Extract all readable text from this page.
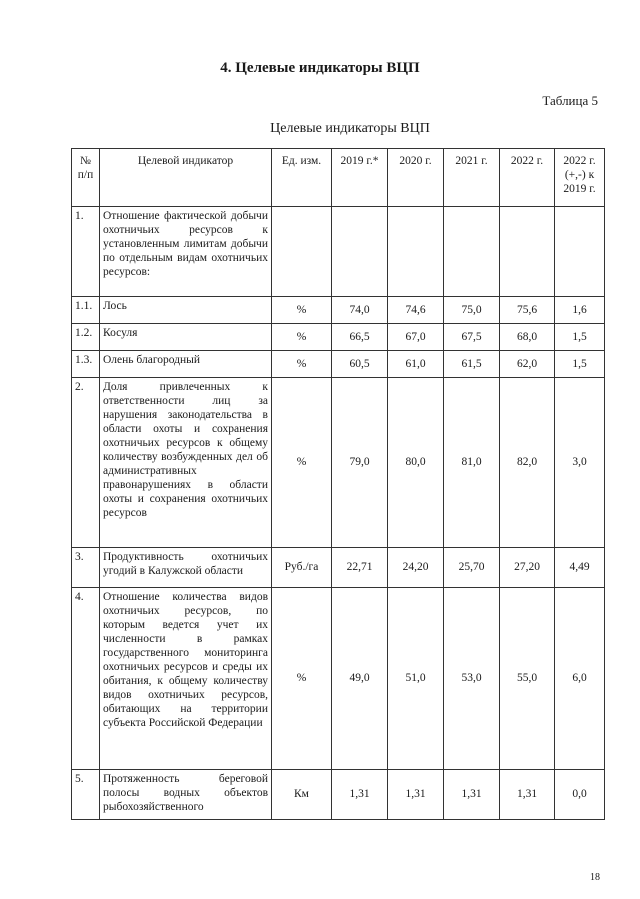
4. Целевые индикаторы ВЦП
Таблица 5
Целевые индикаторы ВЦП
№ п/п	Целевой индикатор	Ед. изм.	2019 г.*	2020 г.	2021 г.	2022 г.	2022 г. (+,-) к 2019 г.
1.	Отношение фактической добычи охотничьих ресурсов к установленным лимитам добычи по отдельным видам охотничьих ресурсов:						
1.1.	Лось	%	74,0	74,6	75,0	75,6	1,6
1.2.	Косуля	%	66,5	67,0	67,5	68,0	1,5
1.3.	Олень благородный	%	60,5	61,0	61,5	62,0	1,5
2.	Доля привлеченных к ответственности лиц за нарушения законодательства в области охоты и сохранения охотничьих ресурсов к общему количеству возбужденных дел об административных правонарушениях в области охоты и сохранения охотничьих ресурсов	%	79,0	80,0	81,0	82,0	3,0
3.	Продуктивность охотничьих угодий в Калужской области	Руб./га	22,71	24,20	25,70	27,20	4,49
4.	Отношение количества видов охотничьих ресурсов, по которым ведется учет их численности в рамках государственного мониторинга охотничьих ресурсов и среды их обитания, к общему количеству видов охотничьих ресурсов, обитающих на территории субъекта Российской Федерации	%	49,0	51,0	53,0	55,0	6,0
5.	Протяженность береговой полосы водных объектов рыбохозяйственного	Км	1,31	1,31	1,31	1,31	0,0
18
